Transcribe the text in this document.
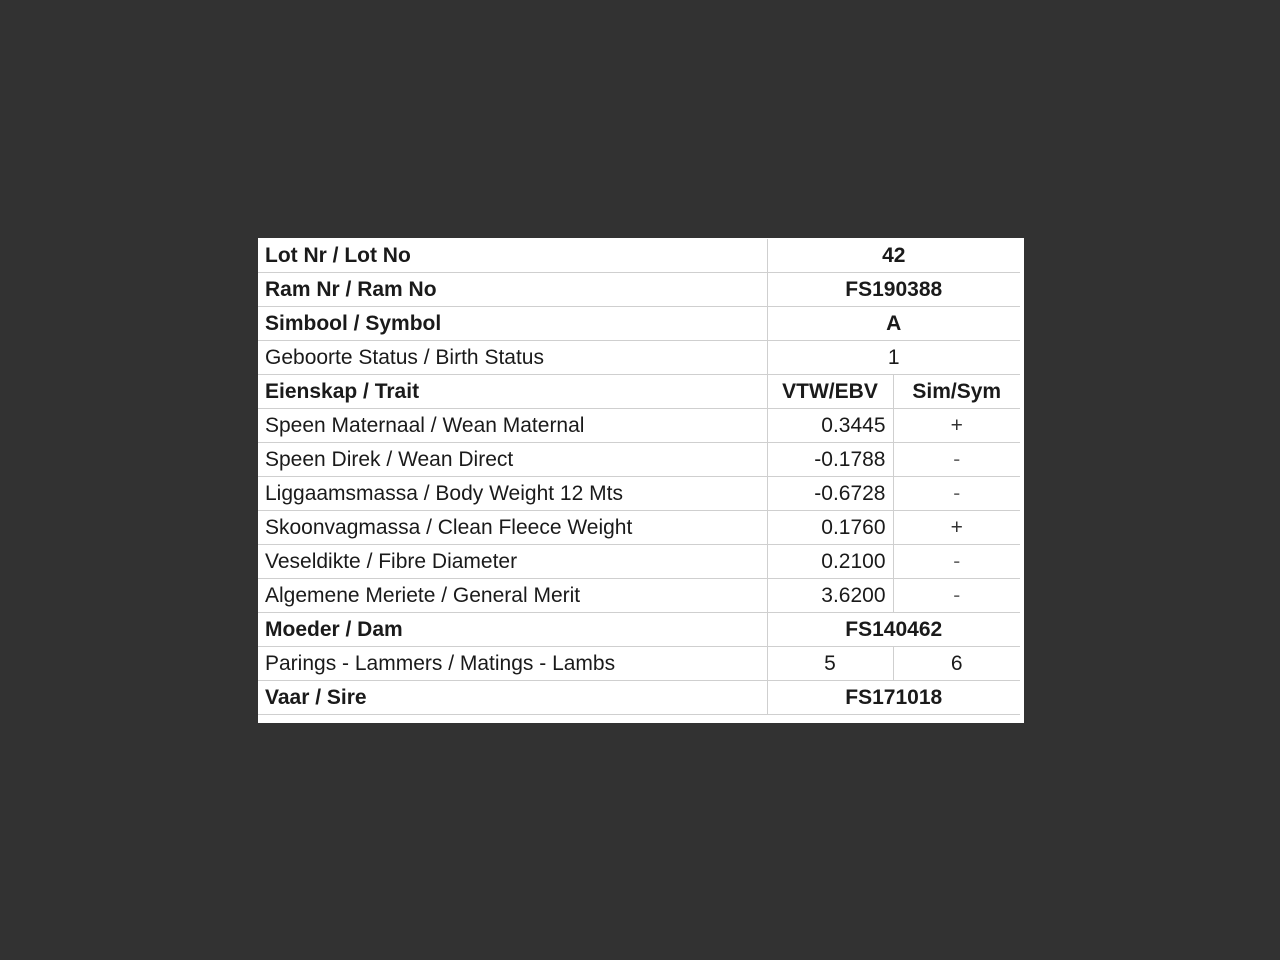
Lot Nr / Lot No	42	
Ram Nr / Ram No	FS190388	
Simbool / Symbol	A	
Geboorte Status / Birth Status	1	
Eienskap / Trait	VTW/EBV	Sim/Sym
Speen Maternaal / Wean Maternal	0.3445	+
Speen Direk / Wean Direct	-0.1788	-
Liggaamsmassa / Body Weight 12 Mts	-0.6728	-
Skoonvagmassa / Clean Fleece Weight	0.1760	+
Veseldikte / Fibre Diameter	0.2100	-
Algemene Meriete / General Merit	3.6200	-
Moeder / Dam	FS140462	
Parings - Lammers / Matings - Lambs	5	6
Vaar / Sire	FS171018	
